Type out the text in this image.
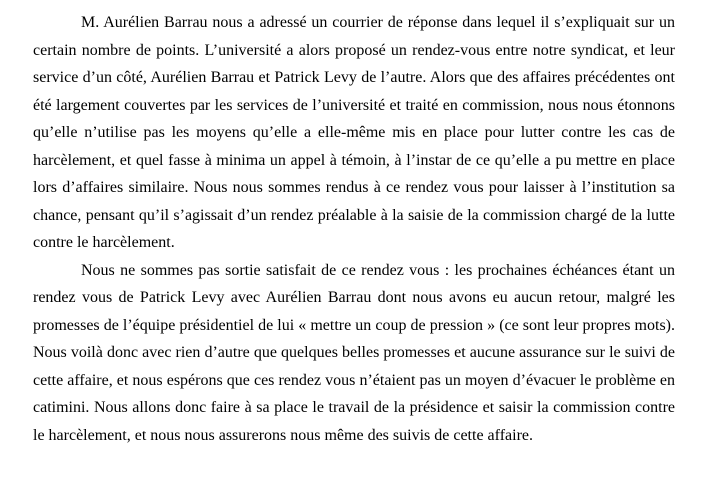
M. Aurélien Barrau nous a adressé un courrier de réponse dans lequel il s’expliquait sur un certain nombre de points. L’université a alors proposé un rendez-vous entre notre syndicat, et leur service d’un côté, Aurélien Barrau et Patrick Levy de l’autre. Alors que des affaires précédentes ont été largement couvertes par les services de l’université et traité en commission, nous nous étonnons qu’elle n’utilise pas les moyens qu’elle a elle-même mis en place pour lutter contre les cas de harcèlement, et quel fasse à minima un appel à témoin, à l’instar de ce qu’elle a pu mettre en place lors d’affaires similaire. Nous nous sommes rendus à ce rendez vous pour laisser à l’institution sa chance, pensant qu’il s’agissait d’un rendez préalable à la saisie de la commission chargé de la lutte contre le harcèlement.

Nous ne sommes pas sortie satisfait de ce rendez vous : les prochaines échéances étant un rendez vous de Patrick Levy avec Aurélien Barrau dont nous avons eu aucun retour, malgré les promesses de l’équipe présidentiel de lui « mettre un coup de pression » (ce sont leur propres mots). Nous voilà donc avec rien d’autre que quelques belles promesses et aucune assurance sur le suivi de cette affaire, et nous espérons que ces rendez vous n’étaient pas un moyen d’évacuer le problème en catimini. Nous allons donc faire à sa place le travail de la présidence et saisir la commission contre le harcèlement, et nous nous assurerons nous même des suivis de cette affaire.
